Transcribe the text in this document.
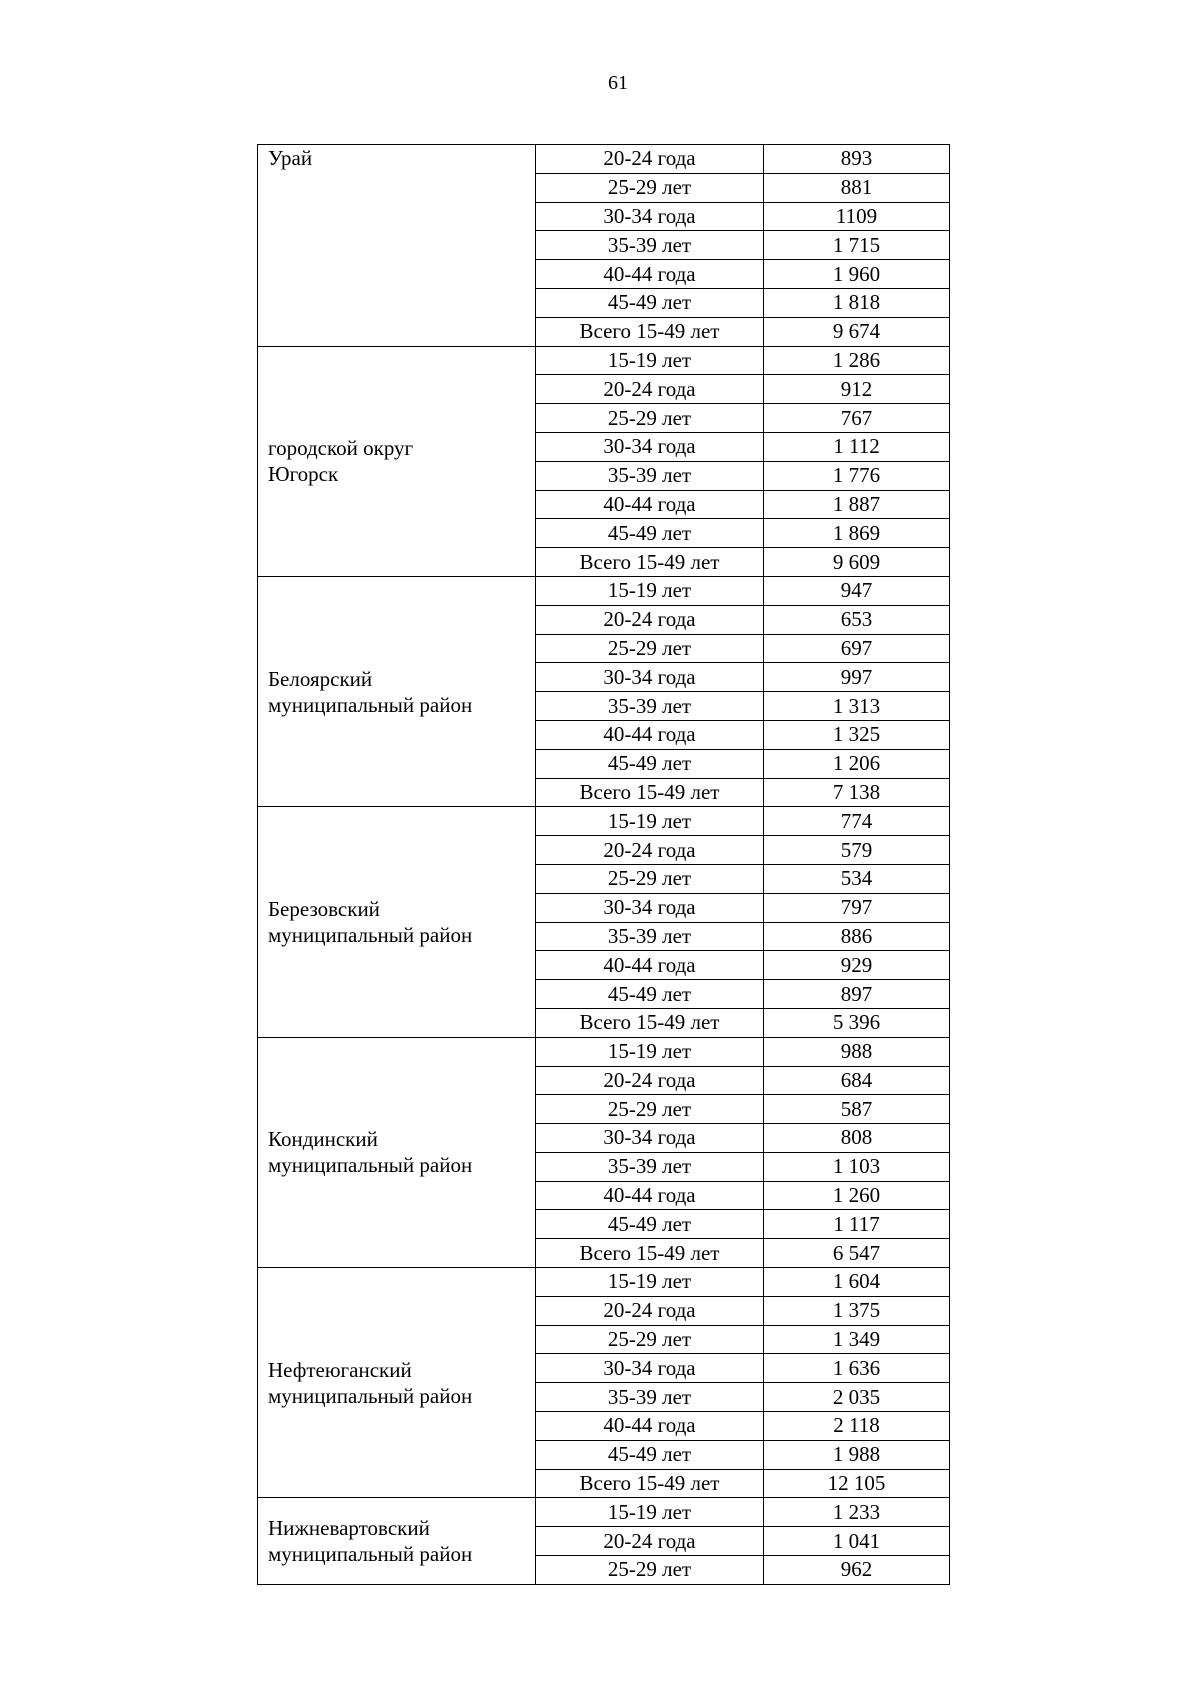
61
Урай	20-24 года	893
	25-29 лет	881
	30-34 года	1109
	35-39 лет	1 715
	40-44 года	1 960
	45-49 лет	1 818
	Всего 15-49 лет	9 674

городской округ
Югорск	15-19 лет	1 286
	20-24 года	912
	25-29 лет	767
	30-34 года	1 112
	35-39 лет	1 776
	40-44 года	1 887
	45-49 лет	1 869
	Всего 15-49 лет	9 609

Белоярский
муниципальный район	15-19 лет	947
	20-24 года	653
	25-29 лет	697
	30-34 года	997
	35-39 лет	1 313
	40-44 года	1 325
	45-49 лет	1 206
	Всего 15-49 лет	7 138

Березовский
муниципальный район	15-19 лет	774
	20-24 года	579
	25-29 лет	534
	30-34 года	797
	35-39 лет	886
	40-44 года	929
	45-49 лет	897
	Всего 15-49 лет	5 396

Кондинский
муниципальный район	15-19 лет	988
	20-24 года	684
	25-29 лет	587
	30-34 года	808
	35-39 лет	1 103
	40-44 года	1 260
	45-49 лет	1 117
	Всего 15-49 лет	6 547

Нефтеюганский
муниципальный район	15-19 лет	1 604
	20-24 года	1 375
	25-29 лет	1 349
	30-34 года	1 636
	35-39 лет	2 035
	40-44 года	2 118
	45-49 лет	1 988
	Всего 15-49 лет	12 105

Нижневартовский
муниципальный район	15-19 лет	1 233
	20-24 года	1 041
	25-29 лет	962
